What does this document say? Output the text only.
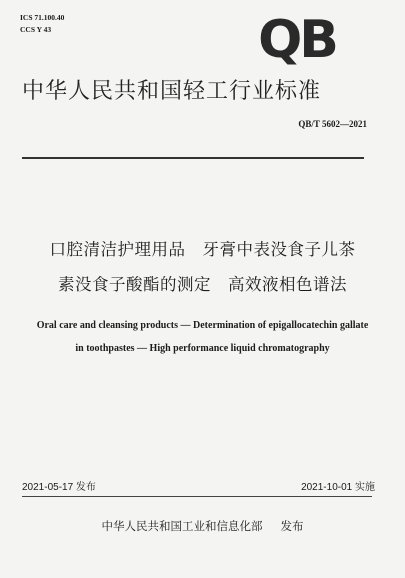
ICS 71.100.40
CCS Y 43	QB
中华人民共和国轻工行业标准
QB/T 5602—2021
口腔清洁护理用品　牙膏中表没食子儿茶
素没食子酸酯的测定　高效液相色谱法
Oral care and cleansing products — Determination of epigallocatechin gallate
in toothpastes — High performance liquid chromatography
2021-05-17 发布	2021-10-01 实施
中华人民共和国工业和信息化部 发布
